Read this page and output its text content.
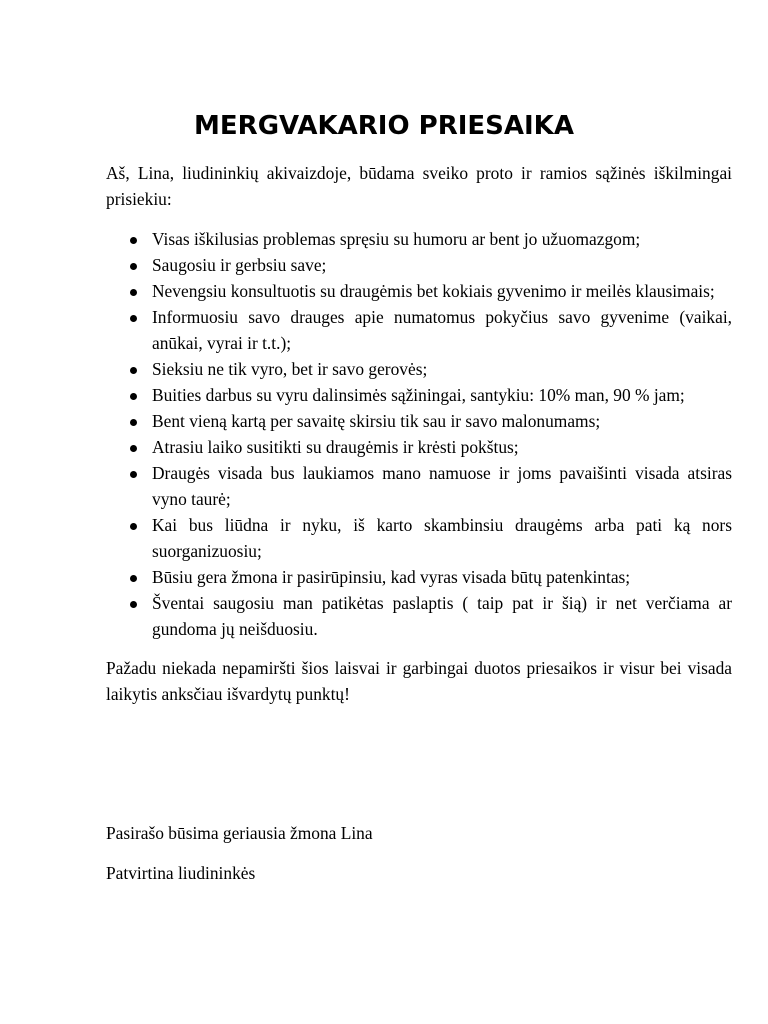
MERGVAKARIO PRIESAIKA

Aš, Lina, liudininkių akivaizdoje, būdama sveiko proto ir ramios sąžinės iškilmingai prisiekiu:

Visas iškilusias problemas spręsiu su humoru ar bent jo užuomazgom;
Saugosiu ir gerbsiu save;
Nevengsiu konsultuotis su draugėmis bet kokiais gyvenimo ir meilės klausimais;
Informuosiu savo drauges apie numatomus pokyčius savo gyvenime (vaikai, anūkai, vyrai ir t.t.);
Sieksiu ne tik vyro, bet ir savo gerovės;
Buities darbus su vyru dalinsimės sąžiningai, santykiu: 10% man, 90 % jam;
Bent vieną kartą per savaitę skirsiu tik sau ir savo malonumams;
Atrasiu laiko susitikti su draugėmis ir krėsti pokštus;
Draugės visada bus laukiamos mano namuose ir joms pavaišinti visada atsiras vyno taurė;
Kai bus liūdna ir nyku, iš karto skambinsiu draugėms arba pati ką nors suorganizuosiu;
Būsiu gera žmona ir pasirūpinsiu, kad vyras visada būtų patenkintas;
Šventai saugosiu man patikėtas paslaptis ( taip pat ir šią) ir net verčiama ar gundoma jų neišduosiu.

Pažadu niekada nepamiršti šios laisvai ir garbingai duotos priesaikos ir visur bei visada laikytis anksčiau išvardytų punktų!

Pasirašo būsima geriausia žmona Lina

Patvirtina liudininkės
